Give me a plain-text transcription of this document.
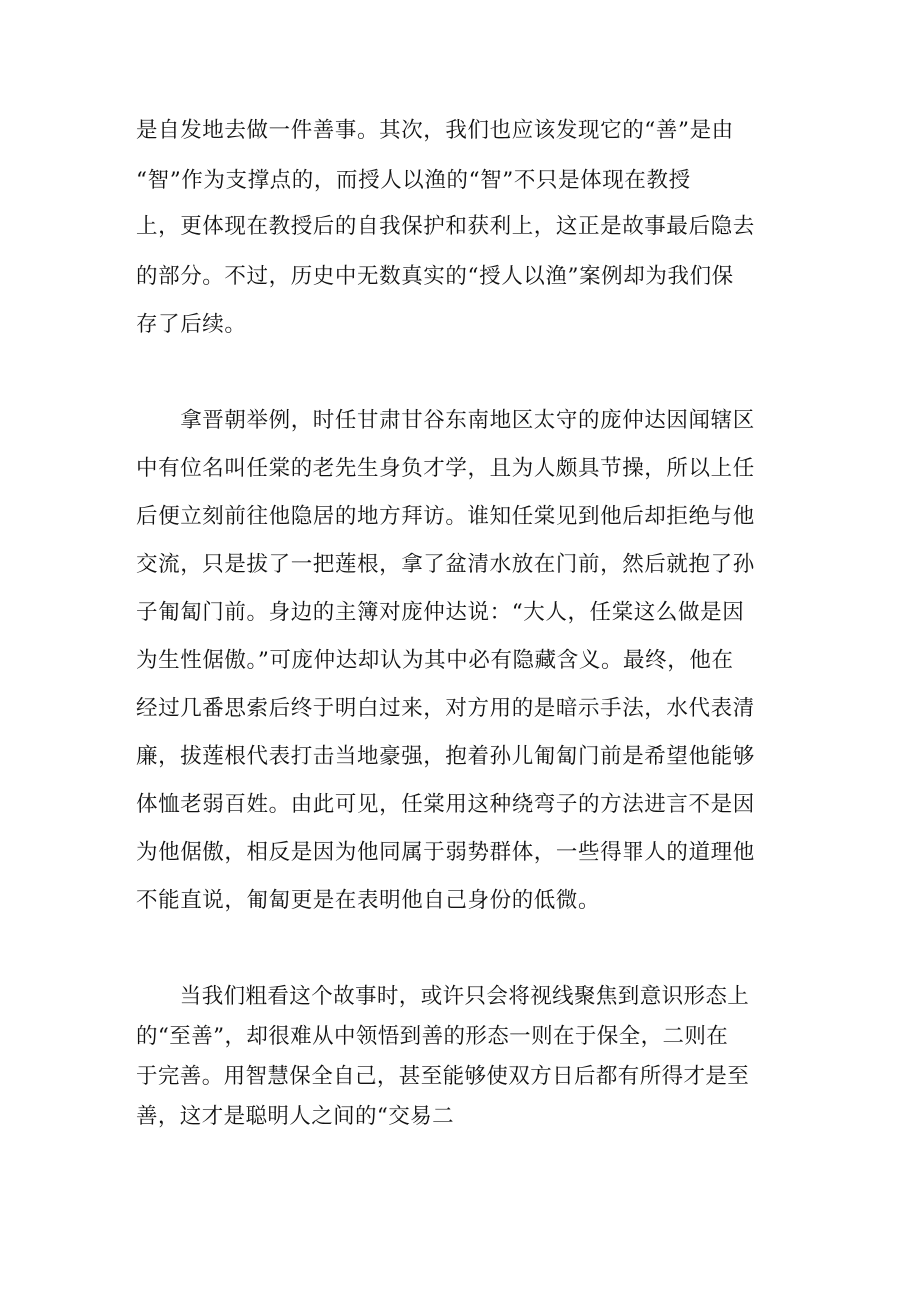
是自发地去做一件善事。其次，我们也应该发现它的“善”是由
“智”作为支撑点的，而授人以渔的“智”不只是体现在教授
上，更体现在教授后的自我保护和获利上，这正是故事最后隐去
的部分。不过，历史中无数真实的“授人以渔”案例却为我们保
存了后续。
　　拿晋朝举例，时任甘肃甘谷东南地区太守的庞仲达因闻辖区
中有位名叫任棠的老先生身负才学，且为人颇具节操，所以上任
后便立刻前往他隐居的地方拜访。谁知任棠见到他后却拒绝与他
交流，只是拔了一把莲根，拿了盆清水放在门前，然后就抱了孙
子匍匐门前。身边的主簿对庞仲达说：“大人，任棠这么做是因
为生性倨傲。”可庞仲达却认为其中必有隐藏含义。最终，他在
经过几番思索后终于明白过来，对方用的是暗示手法，水代表清
廉，拔莲根代表打击当地豪强，抱着孙儿匍匐门前是希望他能够
体恤老弱百姓。由此可见，任棠用这种绕弯子的方法进言不是因
为他倨傲，相反是因为他同属于弱势群体，一些得罪人的道理他
不能直说，匍匐更是在表明他自己身份的低微。
　　当我们粗看这个故事时，或许只会将视线聚焦到意识形态上
的“至善”，却很难从中领悟到善的形态一则在于保全，二则在
于完善。用智慧保全自己，甚至能够使双方日后都有所得才是至
善，这才是聪明人之间的“交易二
